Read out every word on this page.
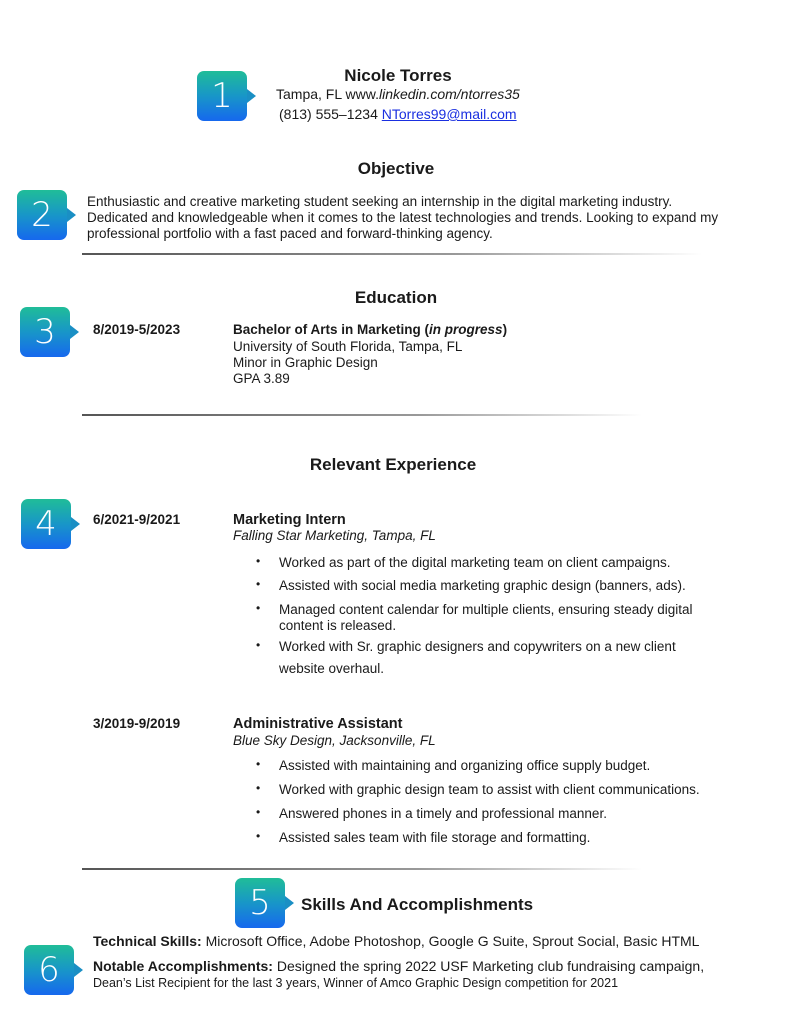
1
2
3
4
5
6
Nicole Torres
Tampa, FL www.linkedin.com/ntorres35
(813) 555–1234 NTorres99@mail.com
Objective
Enthusiastic and creative marketing student seeking an internship in the digital marketing industry.
Dedicated and knowledgeable when it comes to the latest technologies and trends. Looking to expand my
professional portfolio with a fast paced and forward-thinking agency.
Education
8/2019-5/2023	Bachelor of Arts in Marketing (in progress)
University of South Florida, Tampa, FL
Minor in Graphic Design
GPA 3.89
Relevant Experience
6/2021-9/2021	Marketing Intern
Falling Star Marketing, Tampa, FL
• Worked as part of the digital marketing team on client campaigns.
• Assisted with social media marketing graphic design (banners, ads).
• Managed content calendar for multiple clients, ensuring steady digital
content is released.
• Worked with Sr. graphic designers and copywriters on a new client
website overhaul.
3/2019-9/2019	Administrative Assistant
Blue Sky Design, Jacksonville, FL
• Assisted with maintaining and organizing office supply budget.
• Worked with graphic design team to assist with client communications.
• Answered phones in a timely and professional manner.
• Assisted sales team with file storage and formatting.
Skills And Accomplishments
Technical Skills: Microsoft Office, Adobe Photoshop, Google G Suite, Sprout Social, Basic HTML
Notable Accomplishments: Designed the spring 2022 USF Marketing club fundraising campaign,
Dean’s List Recipient for the last 3 years, Winner of Amco Graphic Design competition for 2021
